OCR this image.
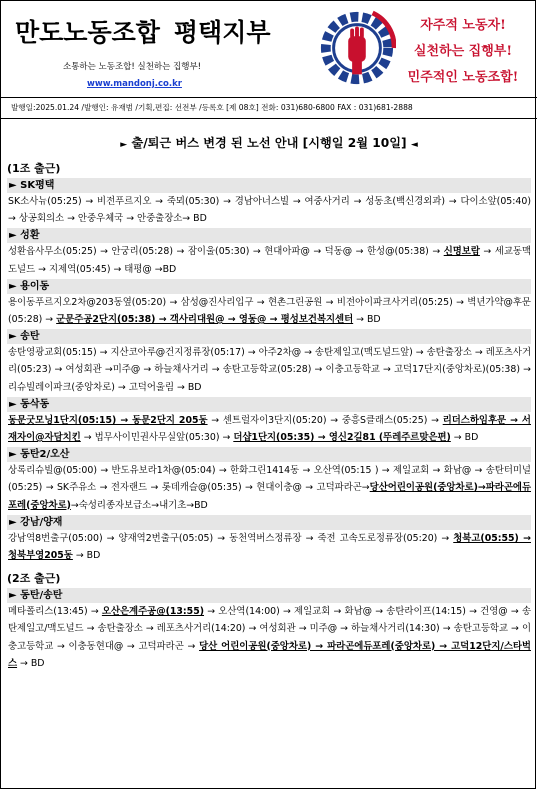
만도노동조합 평택지부
소통하는 노동조합! 실천하는 집행부!
www.mandonj.co.kr
자주적 노동자!
실천하는 집행부!
민주적인 노동조합!
발행일:2025.01.24 /발행인: 유재범 /기획,편집: 선전부 /등록호 [제 08호] 전화: 031)680-6800 FAX : 031)681-2888
► 출/퇴근 버스 변경 된 노선 안내 [시행일 2월 10일] ◄
(1조 출근)
► SK평택
SK소사뉴(05:25) → 비전푸르지오 → 죽뫼(05:30) → 경남아너스빌 → 여중사거리 → 성동초(백신경외과) → 다이소앞(05:40) → 상공회의소 → 안중우체국 → 안중출장소→ BD
► 성환
성환읍사무소(05:25) → 안궁리(05:28) → 잠이울(05:30) → 현대아파@ → 덕동@ → 한성@(05:38) → 신명보람 → 세교동맥도널드 → 지제역(05:45) → 태평@ →BD
► 용이동
용이동푸르지오2차@203동옆(05:20) → 삼성@진사리입구 → 현촌그린공원 → 비전아이파크사거리(05:25) → 벽년가약@후문(05:28) → 군문주공2단지(05:38) → 객사리대원@ → 영동@ → 평성보건복지센터 → BD
► 송탄
송탄영광교회(05:15) → 지산코아루@건지정류장(05:17) → 아주2차@ → 송탄제일고(맥도널드앞) → 송탄출장소 → 레포츠사거리(05:23) → 여성회관 →미주@ → 하늘채사거리 → 송탄고등학교(05:28) → 이충고등학교 → 고덕17단지(중앙차로)(05:38) → 리슈빌레이파크(중앙차로) → 고덕어울림 → BD
► 동삭동
동문굿모닝1단지(05:15) → 동문2단지 205동 → 센트럴자이3단지(05:20) → 중흥S클래스(05:25) → 리더스하임후문 → 서재자이@자담치킨 → 법무사이민권사무실앞(05:30) → 더샵1단지(05:35) → 영신2길81 (뚜레주르맞은편) → BD
► 동탄2/오산
상록리슈빌@(05:00) → 반도유보라1차@(05:04) → 한화그린1414동 → 오산역(05:15 ) → 제일교회 → 화남@ → 송탄터미널(05:25) → SK주유소 → 전자랜드 → 롯데캐슬@(05:35) → 현대이충@ → 고덕파라곤→당산어린이공원(중앙차로)→파라곤에듀포레(중앙차로)→숙성리종자보급소→내기초→BD
► 강남/양재
강남역8번출구(05:00) → 양재역2번출구(05:05) → 동천역버스정류장 → 죽전 고속도로정류장(05:20) → 청북고(05:55) → 청북부영205동 → BD
(2조 출근)
► 동탄/송탄
메타폴리스(13:45) → 오산은계주공@(13:55) → 오산역(14:00) → 제일교회 → 화남@ → 송탄라이프(14:15) → 건영@ → 송탄제일고/맥도널드 → 송탄출장소 → 레포츠사거리(14:20) → 여성회관 → 미주@ → 하늘채사거리(14:30) → 송탄고등학교 → 이충고등학교 → 이충동현대@ → 고덕파라곤 → 당산 어린이공원(중앙차로) → 파라곤에듀포레(중앙차로) → 고덕12단지/스타벅스 → BD
